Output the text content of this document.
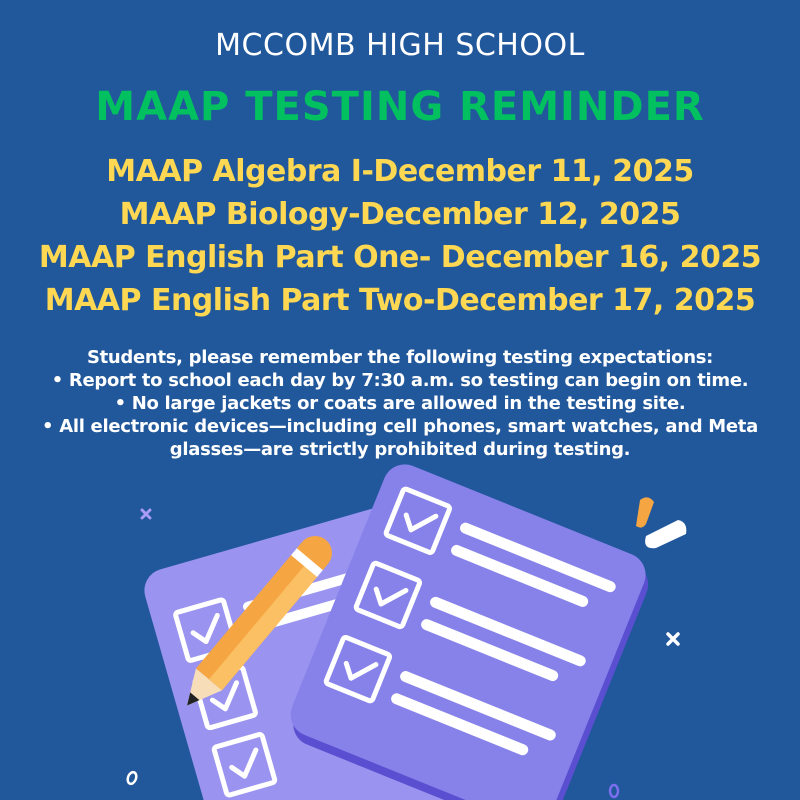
MCCOMB HIGH SCHOOL
MAAP TESTING REMINDER
MAAP Algebra I-December 11, 2025
MAAP Biology-December 12, 2025
MAAP English Part One- December 16, 2025
MAAP English Part Two-December 17, 2025
Students, please remember the following testing expectations:
• Report to school each day by 7:30 a.m. so testing can begin on time.
• No large jackets or coats are allowed in the testing site.
• All electronic devices—including cell phones, smart watches, and Meta
glasses—are strictly prohibited during testing.
